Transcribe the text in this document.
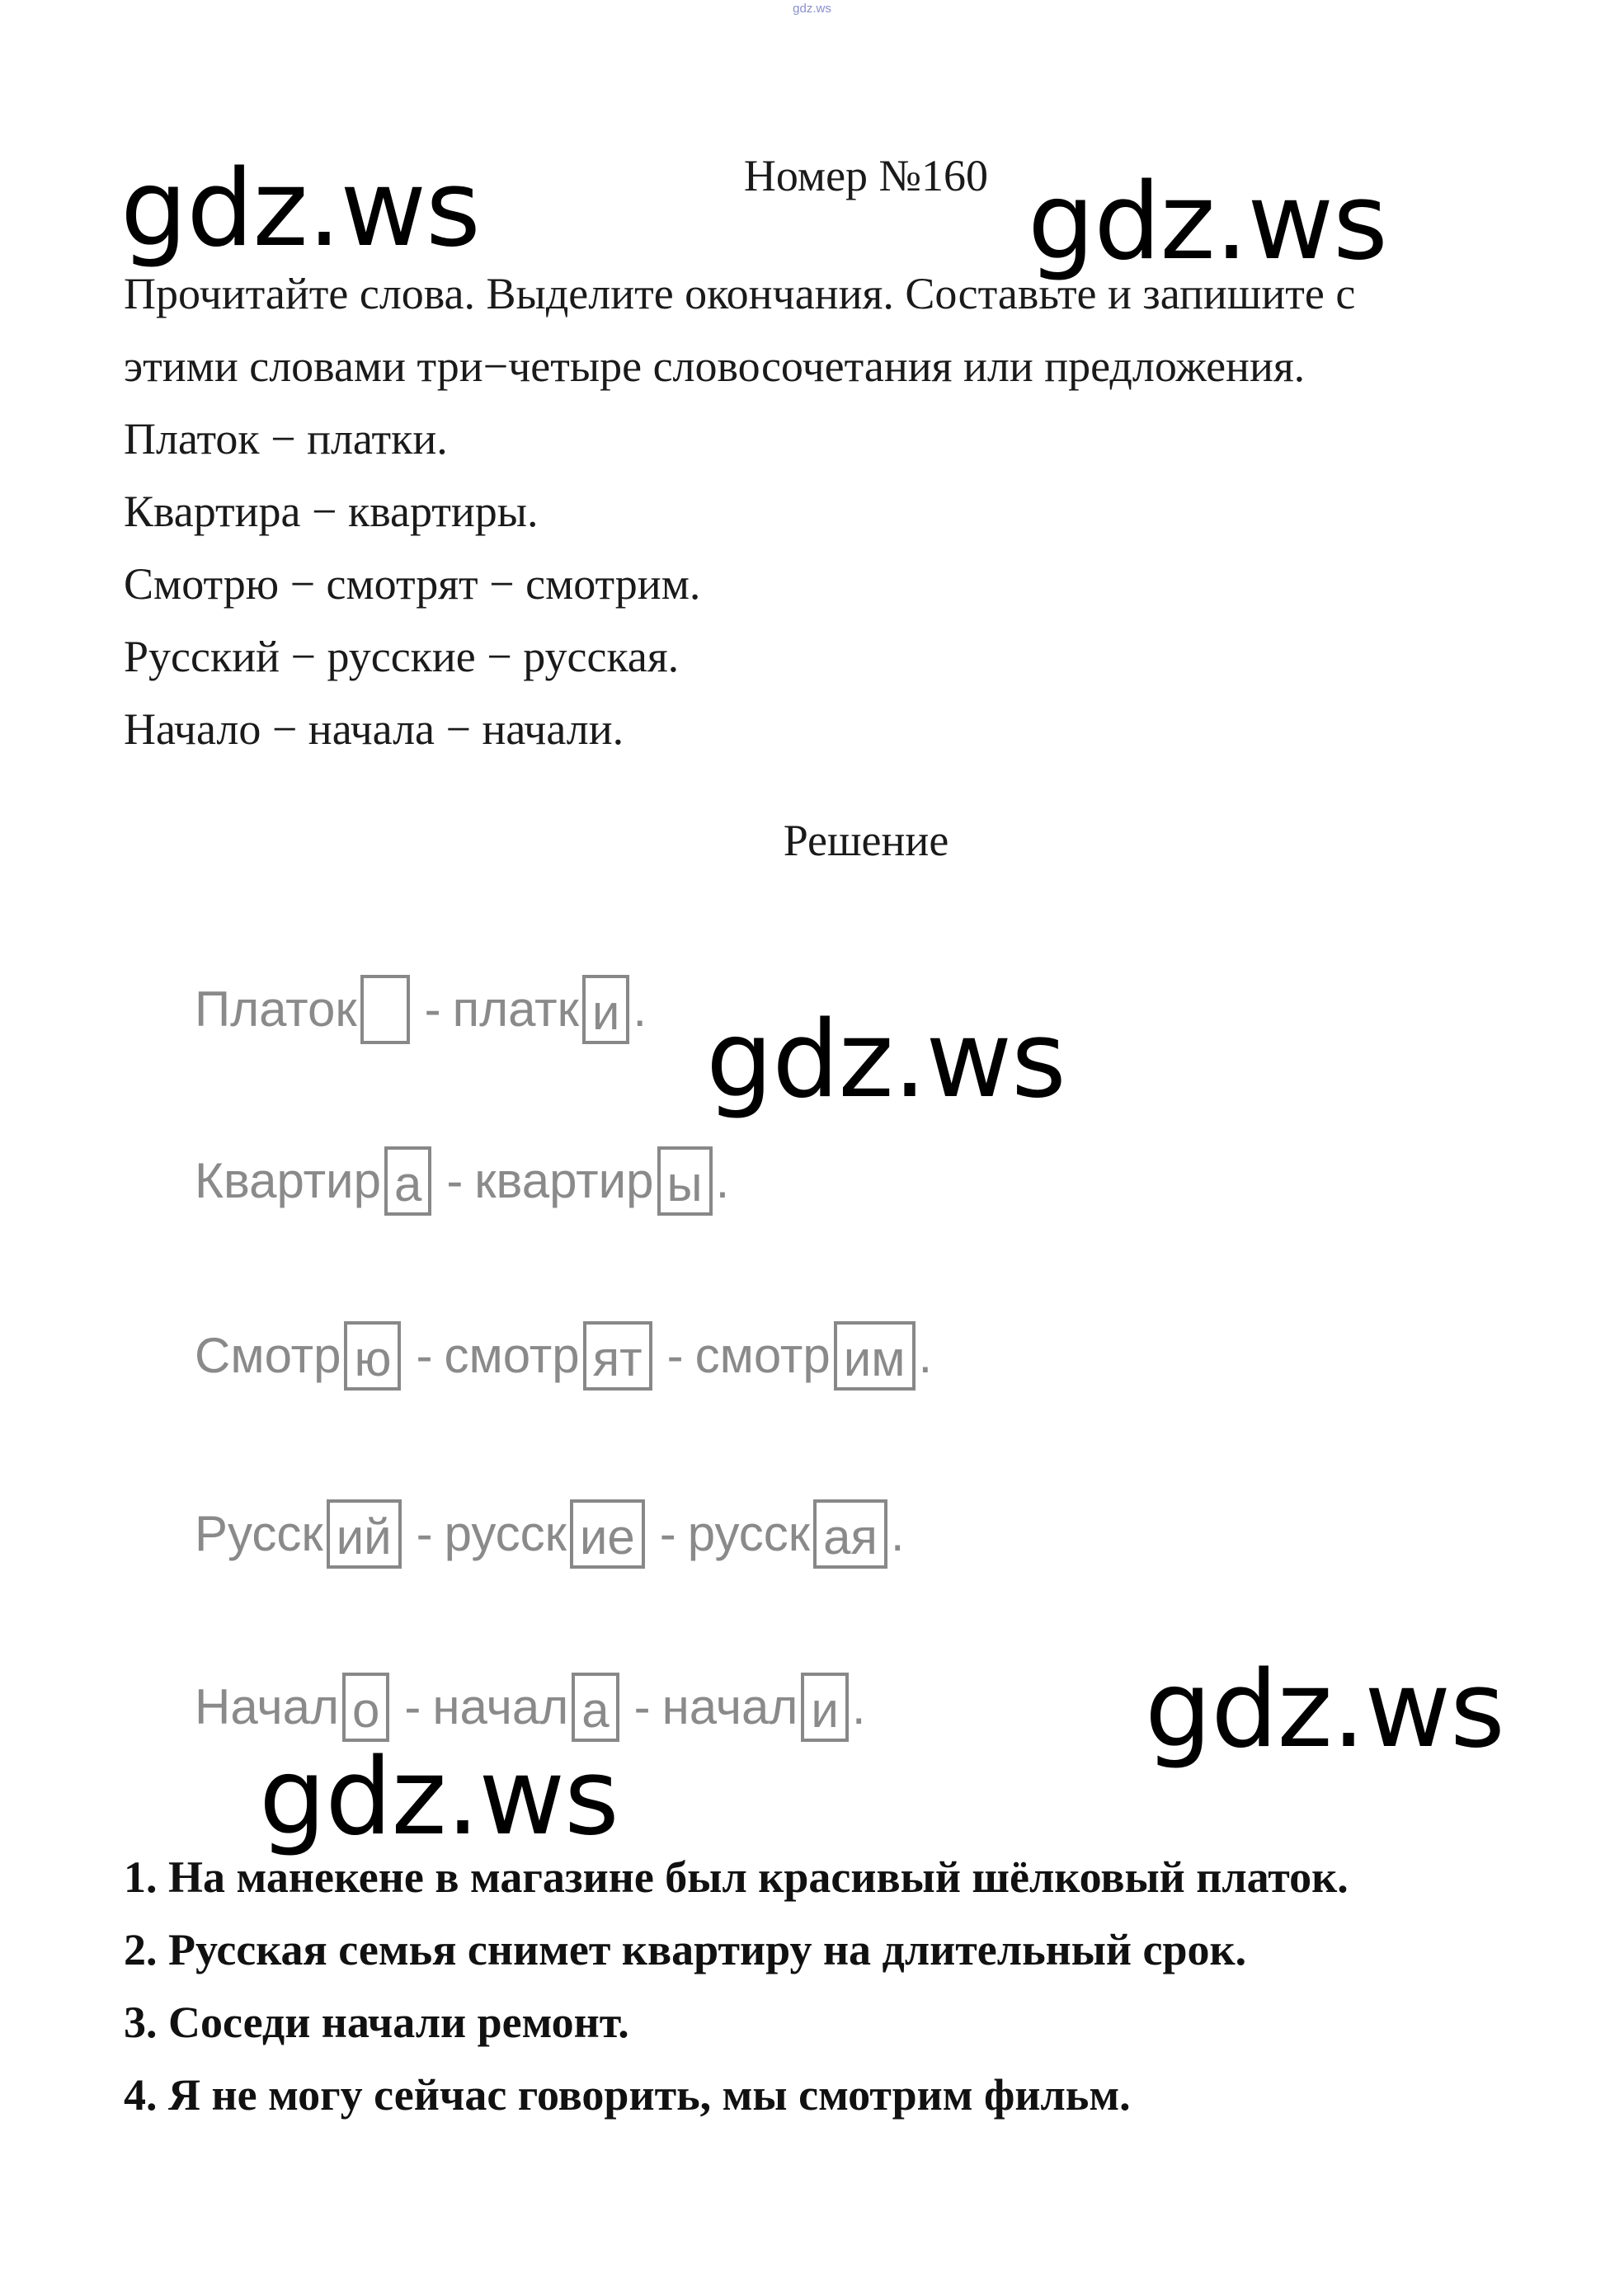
gdz.ws
gdz.ws	gdz.ws
gdz.ws
gdz.ws
gdz.ws
Номер №160

Прочитайте слова. Выделите окончания. Составьте и запишите с

этими словами три−четыре словосочетания или предложения.

Платок − платки.

Квартира − квартиры.

Смотрю − смотрят − смотрим.

Русский − русские − русская.

Начало − начала − начали.

Решение
Платок - платк и .
Квартир а - квартир ы .
Смотр ю - смотр ят - смотр им .
Русск ий - русск ие - русск ая .
Начал о - начал а - начал и .

1. На манекене в магазине был красивый шёлковый платок.

2. Русская семья снимет квартиру на длительный срок.

3. Соседи начали ремонт.

4. Я не могу сейчас говорить, мы смотрим фильм.
